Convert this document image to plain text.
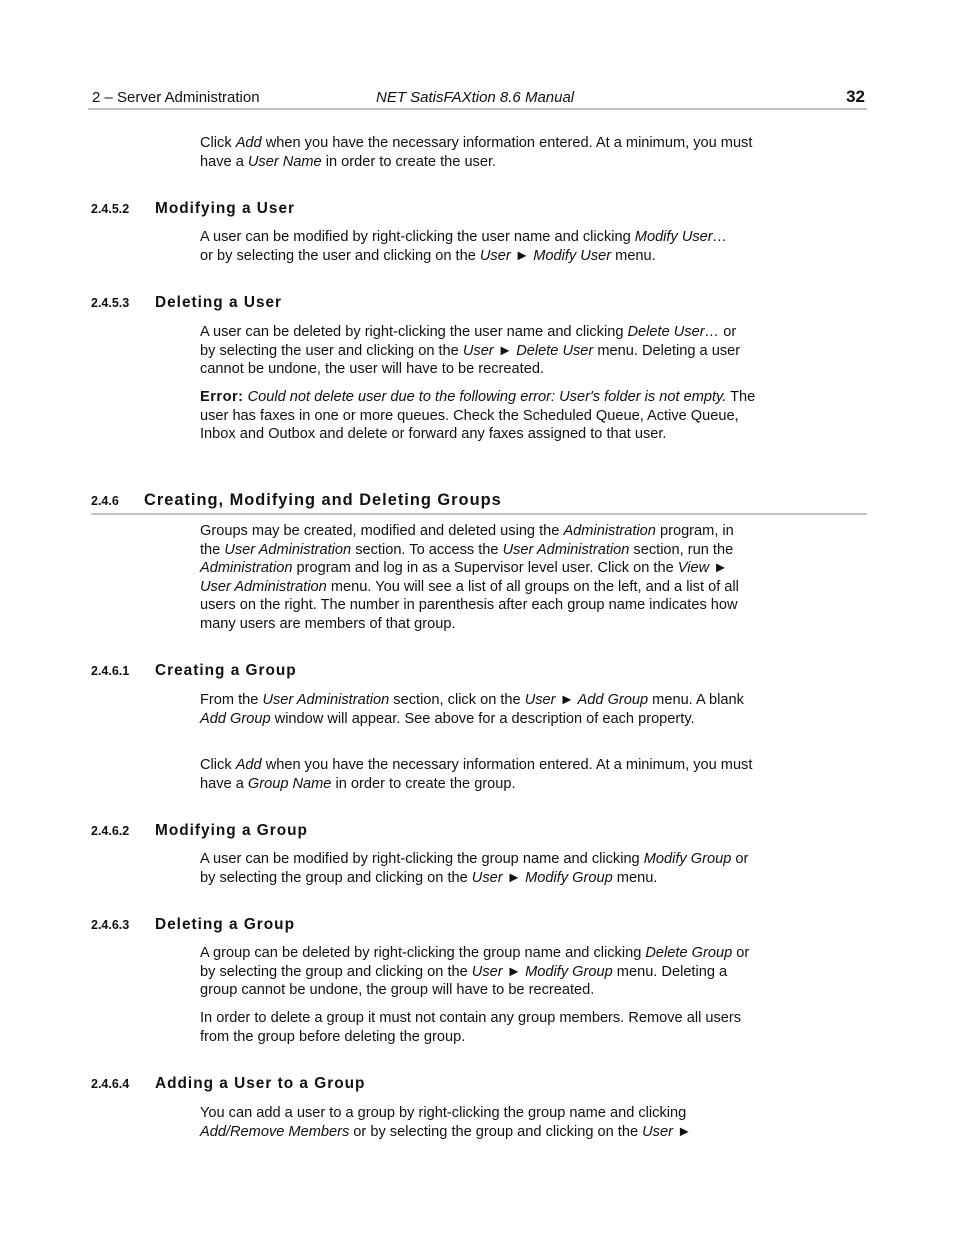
2 – Server Administration	NET SatisFAXtion 8.6 Manual	32

Click Add when you have the necessary information entered. At a minimum, you must have a User Name in order to create the user.

2.4.5.2 Modifying a User

A user can be modified by right-clicking the user name and clicking Modify User… or by selecting the user and clicking on the User ► Modify User menu.

2.4.5.3 Deleting a User

A user can be deleted by right-clicking the user name and clicking Delete User… or by selecting the user and clicking on the User ► Delete User menu. Deleting a user cannot be undone, the user will have to be recreated.

Error: Could not delete user due to the following error: User's folder is not empty. The user has faxes in one or more queues. Check the Scheduled Queue, Active Queue, Inbox and Outbox and delete or forward any faxes assigned to that user.

2.4.6 Creating, Modifying and Deleting Groups

Groups may be created, modified and deleted using the Administration program, in the User Administration section. To access the User Administration section, run the Administration program and log in as a Supervisor level user. Click on the View ► User Administration menu. You will see a list of all groups on the left, and a list of all users on the right. The number in parenthesis after each group name indicates how many users are members of that group.

2.4.6.1 Creating a Group

From the User Administration section, click on the User ► Add Group menu. A blank Add Group window will appear. See above for a description of each property.

Click Add when you have the necessary information entered. At a minimum, you must have a Group Name in order to create the group.

2.4.6.2 Modifying a Group

A user can be modified by right-clicking the group name and clicking Modify Group or by selecting the group and clicking on the User ► Modify Group menu.

2.4.6.3 Deleting a Group

A group can be deleted by right-clicking the group name and clicking Delete Group or by selecting the group and clicking on the User ► Modify Group menu. Deleting a group cannot be undone, the group will have to be recreated.

In order to delete a group it must not contain any group members. Remove all users from the group before deleting the group.

2.4.6.4 Adding a User to a Group

You can add a user to a group by right-clicking the group name and clicking Add/Remove Members or by selecting the group and clicking on the User ►
